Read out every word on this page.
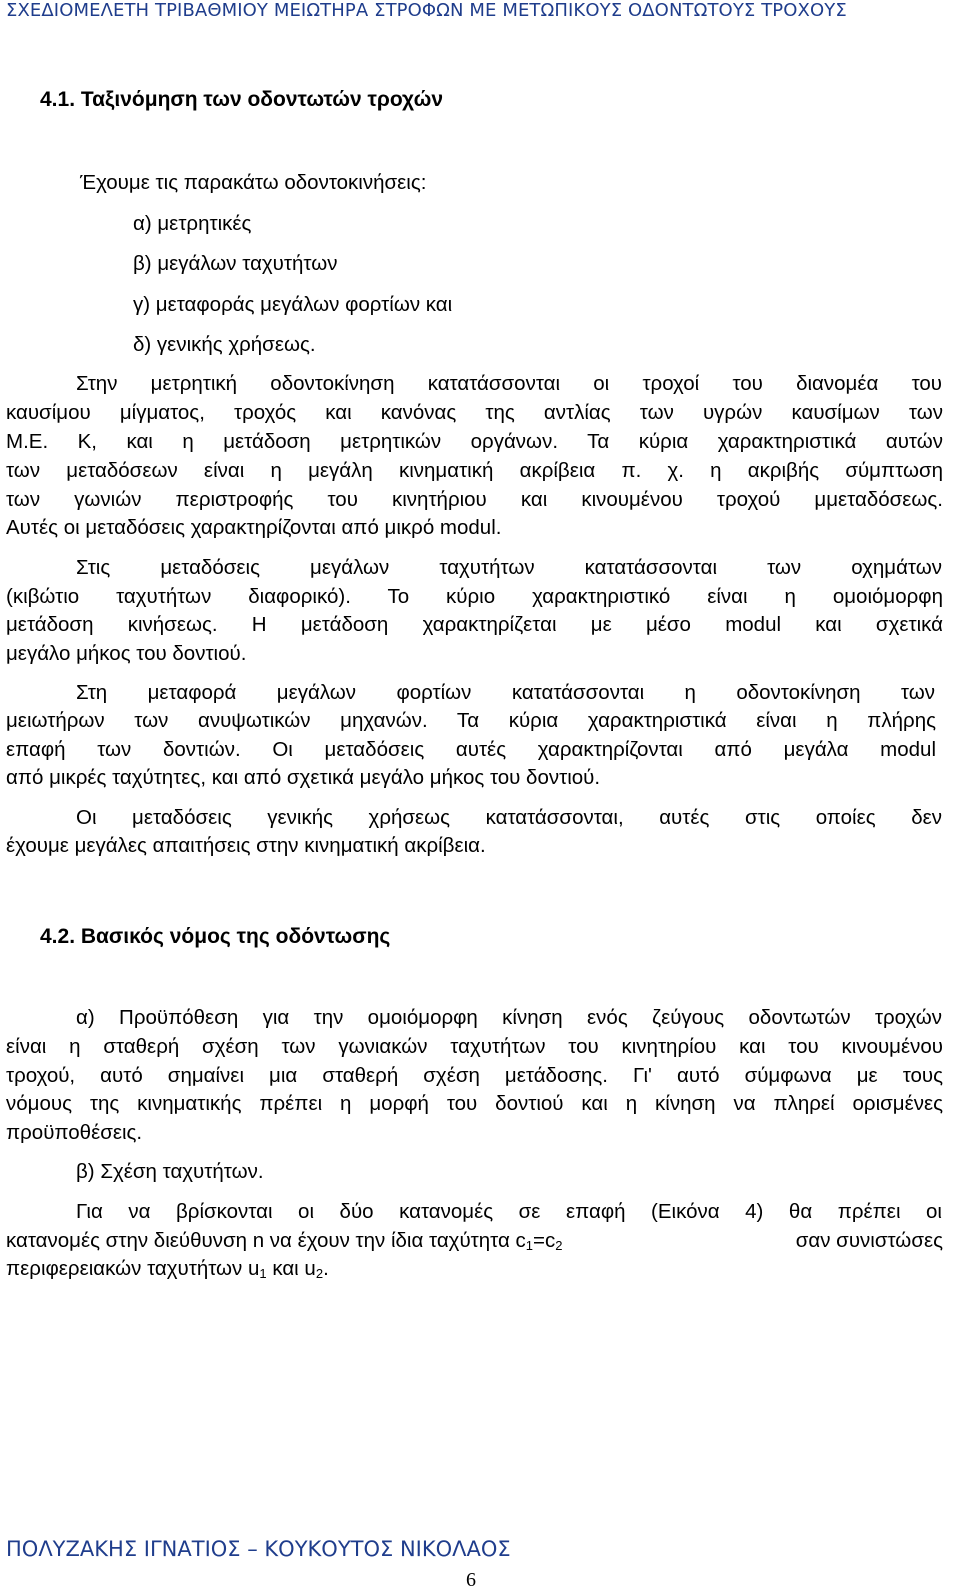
ΣΧΕΔΙΟΜΕΛΕΤΗ ΤΡΙΒΑΘΜΙΟΥ ΜΕΙΩΤΗΡΑ ΣΤΡΟΦΩΝ ΜΕ ΜΕΤΩΠΙΚΟΥΣ ΟΔΟΝΤΩΤΟΥΣ ΤΡΟΧΟΥΣ
4.1. Ταξινόμηση των οδοντωτών τροχών
Έχουμε τις παρακάτω οδοντοκινήσεις:
α) μετρητικές
β) μεγάλων ταχυτήτων
γ) μεταφοράς μεγάλων φορτίων και
δ) γενικής χρήσεως.
Στην μετρητική οδοντοκίνηση κατατάσσονται οι τροχοί του διανομέα του
καυσίμου μίγματος, τροχός και κανόνας της αντλίας των υγρών καυσίμων των
Μ.Ε. Κ, και η μετάδοση μετρητικών οργάνων. Τα κύρια χαρακτηριστικά αυτών
των μεταδόσεων είναι η μεγάλη κινηματική ακρίβεια π. χ. η ακριβής σύμπτωση
των γωνιών περιστροφής του κινητήριου και κινουμένου τροχού μμεταδόσεως.
Αυτές οι μεταδόσεις χαρακτηρίζονται από μικρό modul.
Στις μεταδόσεις μεγάλων ταχυτήτων κατατάσσονται των οχημάτων
(κιβώτιο ταχυτήτων διαφορικό). Το κύριο χαρακτηριστικό είναι η ομοιόμορφη
μετάδοση κινήσεως. Η μετάδοση χαρακτηρίζεται με μέσο modul και σχετικά
μεγάλο μήκος του δοντιού.
Στη μεταφορά μεγάλων φορτίων κατατάσσονται η οδοντοκίνηση των
μειωτήρων των ανυψωτικών μηχανών. Τα κύρια χαρακτηριστικά είναι η πλήρης
επαφή των δοντιών. Οι μεταδόσεις αυτές χαρακτηρίζονται από μεγάλα modul
από μικρές ταχύτητες, και από σχετικά μεγάλο μήκος του δοντιού.
Οι μεταδόσεις γενικής χρήσεως κατατάσσονται, αυτές στις οποίες δεν
έχουμε μεγάλες απαιτήσεις στην κινηματική ακρίβεια.
4.2. Βασικός νόμος της οδόντωσης
α) Προϋπόθεση για την ομοιόμορφη κίνηση ενός ζεύγους οδοντωτών τροχών
είναι η σταθερή σχέση των γωνιακών ταχυτήτων του κινητηρίου και του κινουμένου
τροχού, αυτό σημαίνει μια σταθερή σχέση μετάδοσης. Γι' αυτό σύμφωνα με τους
νόμους της κινηματικής πρέπει η μορφή του δοντιού και η κίνηση να πληρεί ορισμένες
προϋποθέσεις.
β) Σχέση ταχυτήτων.
Για να βρίσκονται οι δύο κατανομές σε επαφή (Εικόνα 4) θα πρέπει οι
κατανομές στην διεύθυνση n να έχουν την ίδια ταχύτητα $c_1=c_2$	σαν συνιστώσες
περιφερειακών ταχυτήτων $u_1$ και $u_2$.
ΠΟΛΥΖΑΚΗΣ ΙΓΝΑΤΙΟΣ – ΚΟΥΚΟΥΤΟΣ ΝΙΚΟΛΑΟΣ
6
